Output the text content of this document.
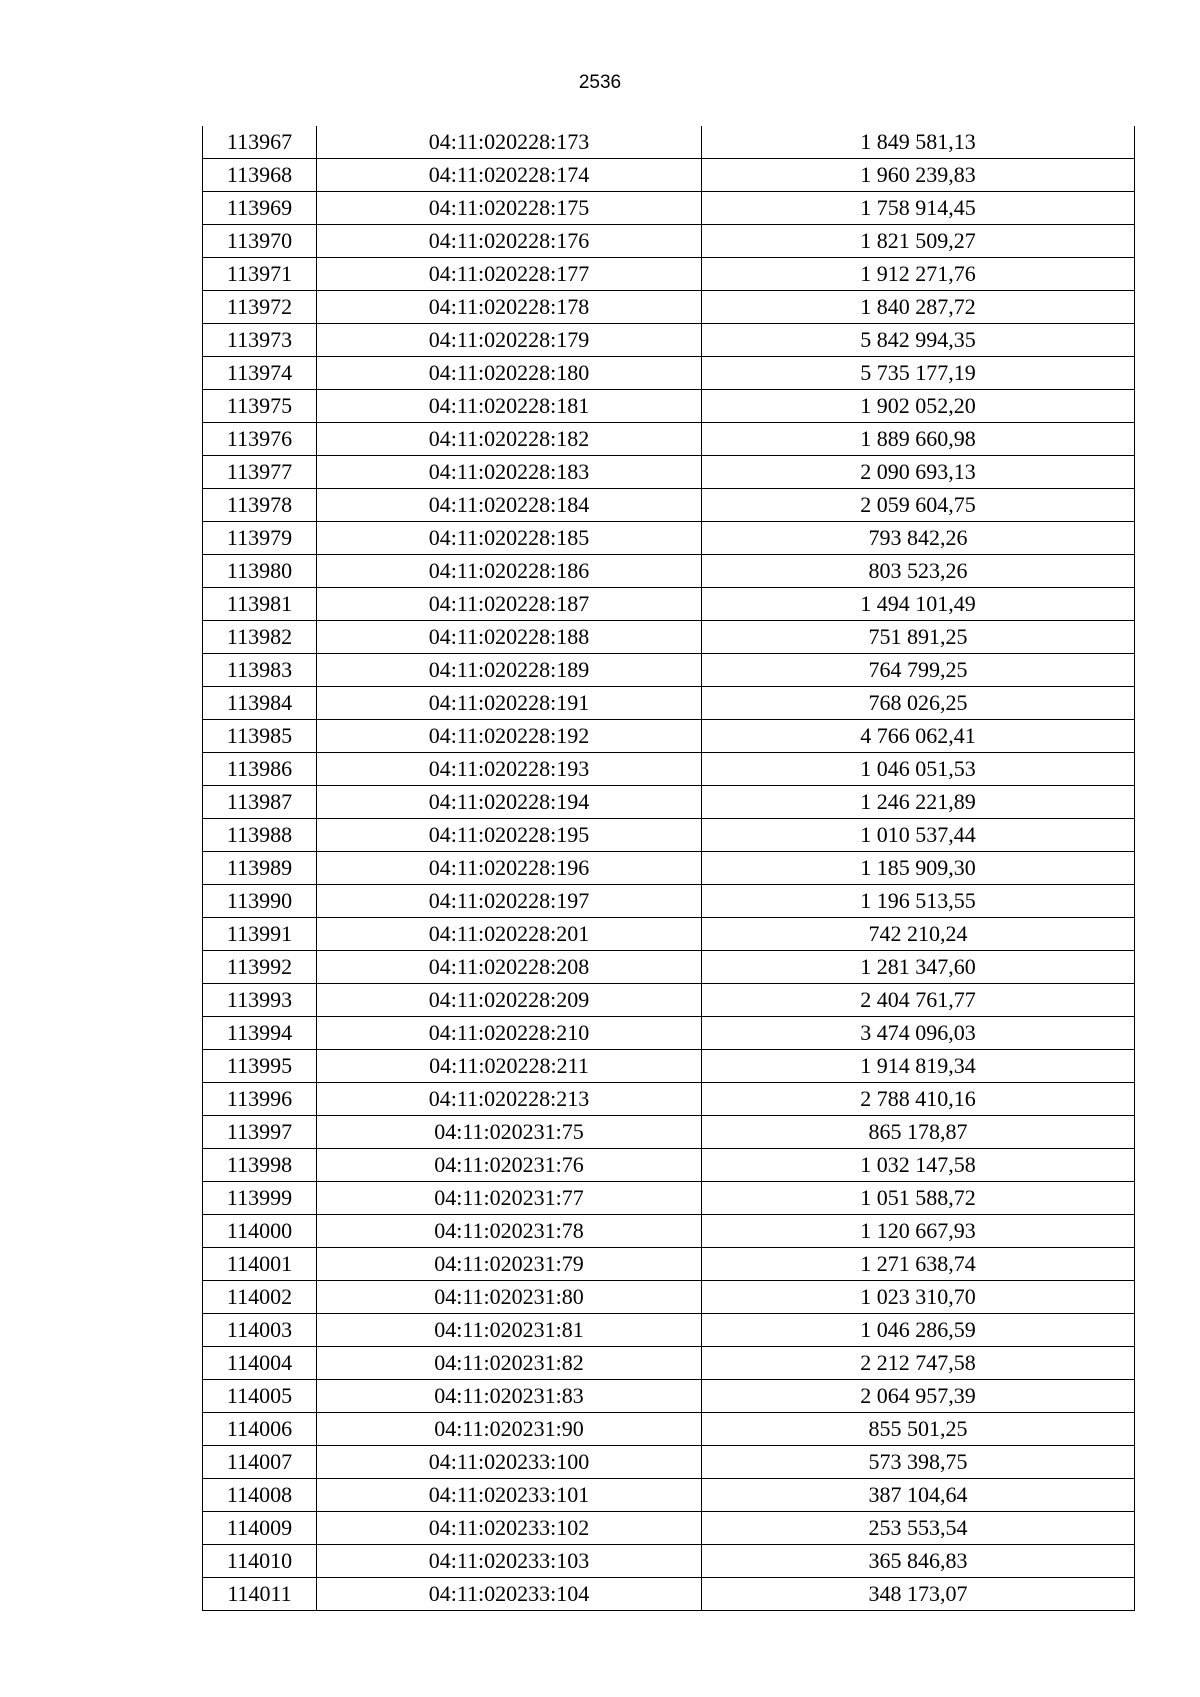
2536
113967	04:11:020228:173	1 849 581,13
113968	04:11:020228:174	1 960 239,83
113969	04:11:020228:175	1 758 914,45
113970	04:11:020228:176	1 821 509,27
113971	04:11:020228:177	1 912 271,76
113972	04:11:020228:178	1 840 287,72
113973	04:11:020228:179	5 842 994,35
113974	04:11:020228:180	5 735 177,19
113975	04:11:020228:181	1 902 052,20
113976	04:11:020228:182	1 889 660,98
113977	04:11:020228:183	2 090 693,13
113978	04:11:020228:184	2 059 604,75
113979	04:11:020228:185	793 842,26
113980	04:11:020228:186	803 523,26
113981	04:11:020228:187	1 494 101,49
113982	04:11:020228:188	751 891,25
113983	04:11:020228:189	764 799,25
113984	04:11:020228:191	768 026,25
113985	04:11:020228:192	4 766 062,41
113986	04:11:020228:193	1 046 051,53
113987	04:11:020228:194	1 246 221,89
113988	04:11:020228:195	1 010 537,44
113989	04:11:020228:196	1 185 909,30
113990	04:11:020228:197	1 196 513,55
113991	04:11:020228:201	742 210,24
113992	04:11:020228:208	1 281 347,60
113993	04:11:020228:209	2 404 761,77
113994	04:11:020228:210	3 474 096,03
113995	04:11:020228:211	1 914 819,34
113996	04:11:020228:213	2 788 410,16
113997	04:11:020231:75	865 178,87
113998	04:11:020231:76	1 032 147,58
113999	04:11:020231:77	1 051 588,72
114000	04:11:020231:78	1 120 667,93
114001	04:11:020231:79	1 271 638,74
114002	04:11:020231:80	1 023 310,70
114003	04:11:020231:81	1 046 286,59
114004	04:11:020231:82	2 212 747,58
114005	04:11:020231:83	2 064 957,39
114006	04:11:020231:90	855 501,25
114007	04:11:020233:100	573 398,75
114008	04:11:020233:101	387 104,64
114009	04:11:020233:102	253 553,54
114010	04:11:020233:103	365 846,83
114011	04:11:020233:104	348 173,07
